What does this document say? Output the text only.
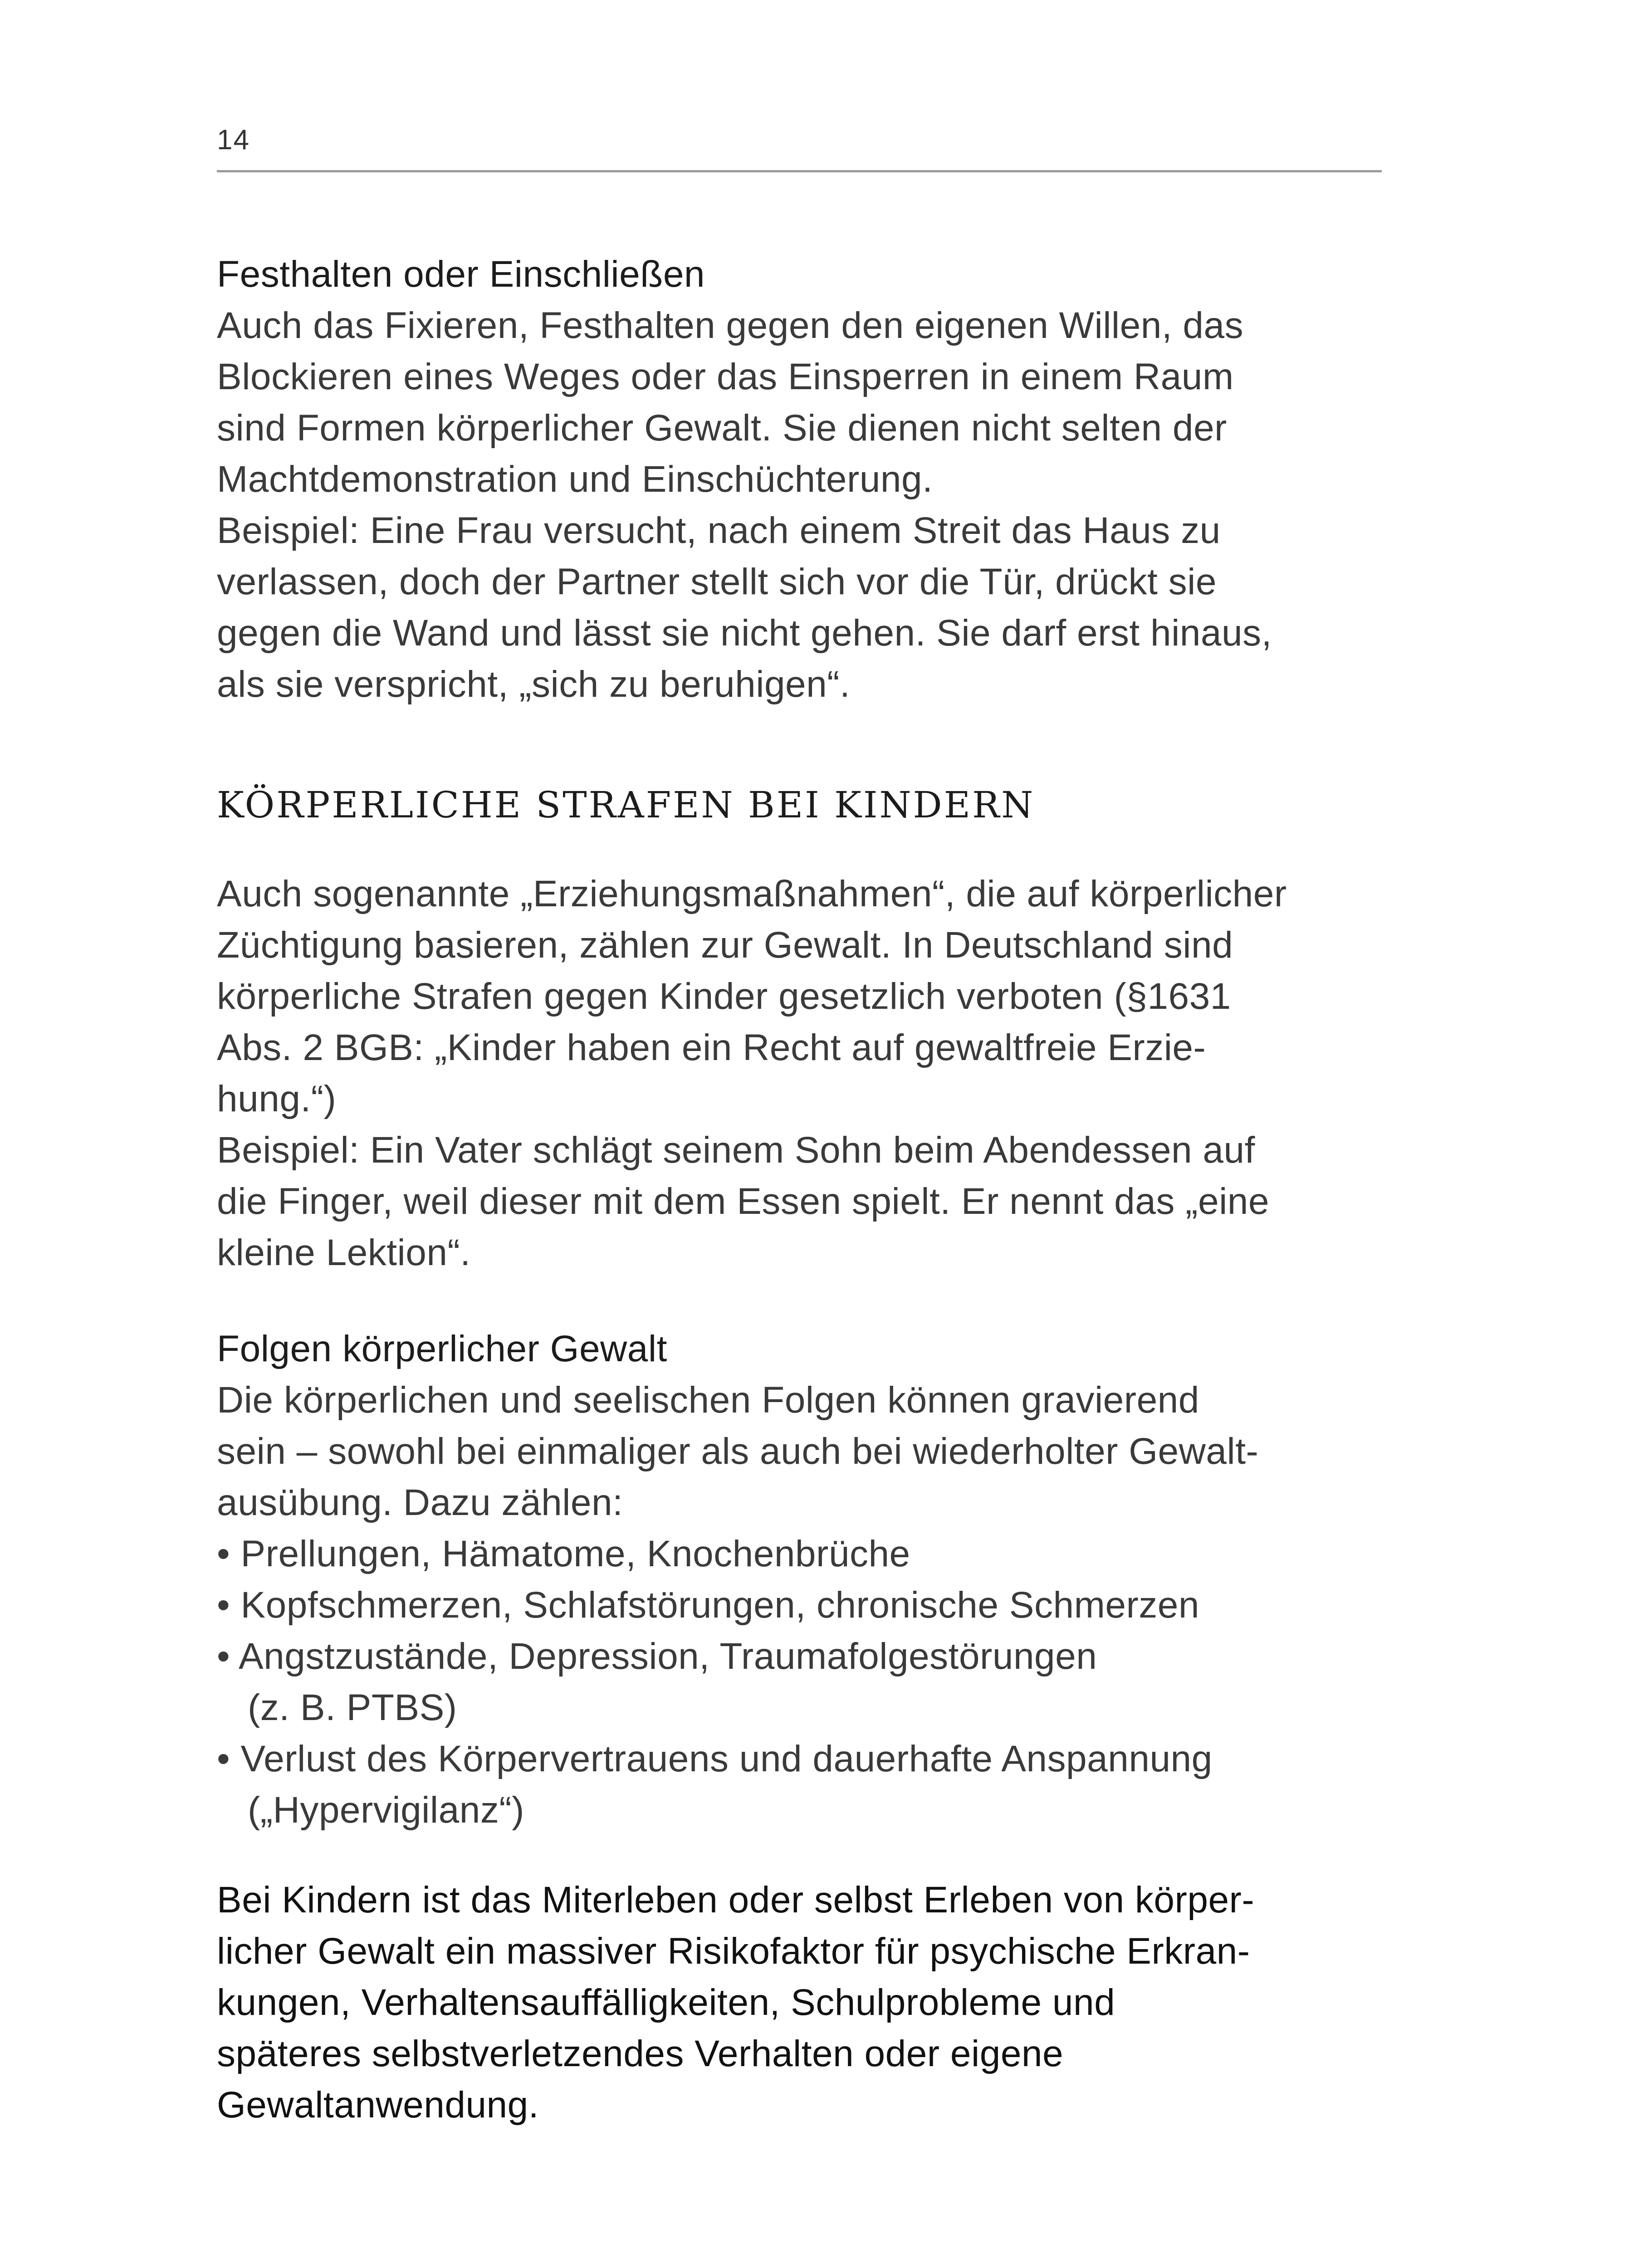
14
Festhalten oder Einschließen
Auch das Fixieren, Festhalten gegen den eigenen Willen, das
Blockieren eines Weges oder das Einsperren in einem Raum
sind Formen körperlicher Gewalt. Sie dienen nicht selten der
Machtdemonstration und Einschüchterung.
Beispiel: Eine Frau versucht, nach einem Streit das Haus zu
verlassen, doch der Partner stellt sich vor die Tür, drückt sie
gegen die Wand und lässt sie nicht gehen. Sie darf erst hinaus,
als sie verspricht, „sich zu beruhigen“.
KÖRPERLICHE STRAFEN BEI KINDERN
Auch sogenannte „Erziehungsmaßnahmen“, die auf körperlicher
Züchtigung basieren, zählen zur Gewalt. In Deutschland sind
körperliche Strafen gegen Kinder gesetzlich verboten (§1631
Abs. 2 BGB: „Kinder haben ein Recht auf gewaltfreie Erzie-
hung.“)
Beispiel: Ein Vater schlägt seinem Sohn beim Abendessen auf
die Finger, weil dieser mit dem Essen spielt. Er nennt das „eine
kleine Lektion“.
Folgen körperlicher Gewalt
Die körperlichen und seelischen Folgen können gravierend
sein – sowohl bei einmaliger als auch bei wiederholter Gewalt-
ausübung. Dazu zählen:
• Prellungen, Hämatome, Knochenbrüche
• Kopfschmerzen, Schlafstörungen, chronische Schmerzen
• Angstzustände, Depression, Traumafolgestörungen
(z. B. PTBS)
• Verlust des Körpervertrauens und dauerhafte Anspannung
(„Hypervigilanz“)
Bei Kindern ist das Miterleben oder selbst Erleben von körper-
licher Gewalt ein massiver Risikofaktor für psychische Erkran-
kungen, Verhaltensauffälligkeiten, Schulprobleme und
späteres selbstverletzendes Verhalten oder eigene
Gewaltanwendung.
